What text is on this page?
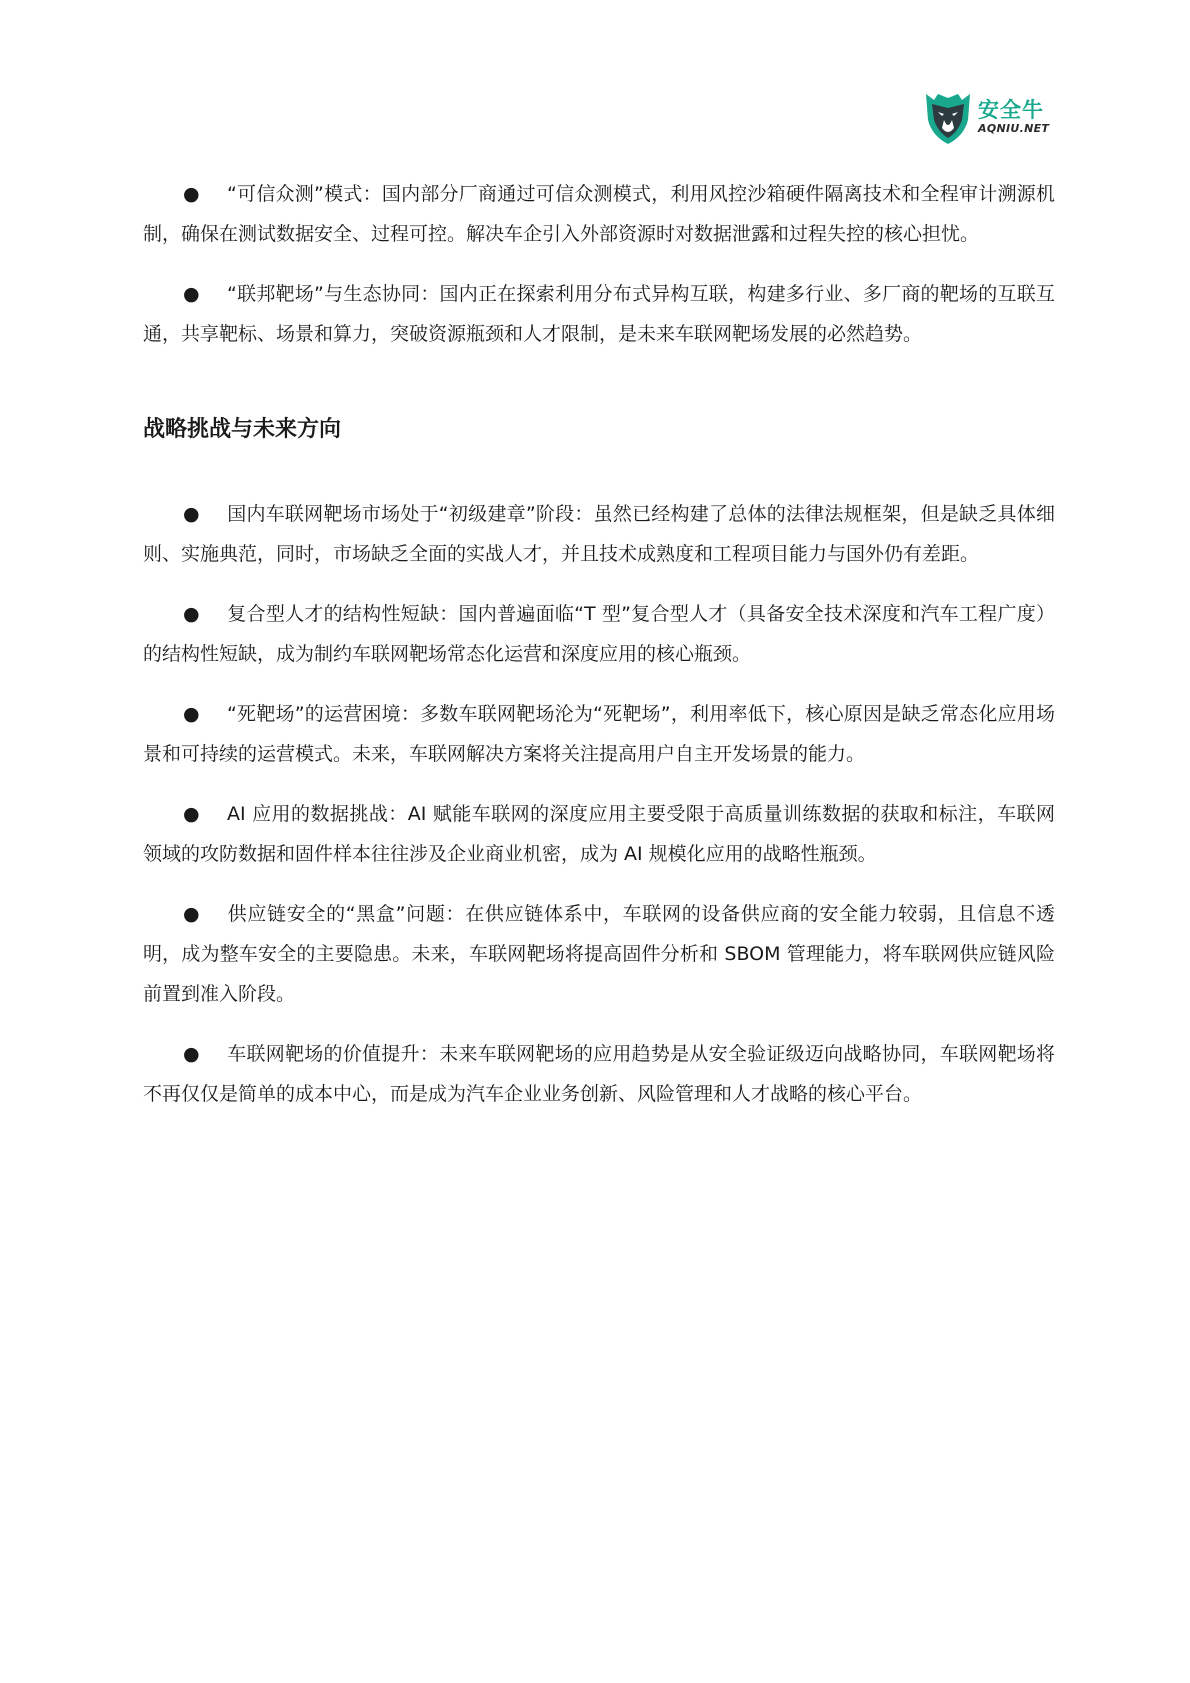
安全牛
AQNIU.NET

● “可信众测”模式：国内部分厂商通过可信众测模式，利用风控沙箱硬件隔离技术和全程审计溯源机制，确保在测试数据安全、过程可控。解决车企引入外部资源时对数据泄露和过程失控的核心担忧。

● “联邦靶场”与生态协同：国内正在探索利用分布式异构互联，构建多行业、多厂商的靶场的互联互通，共享靶标、场景和算力，突破资源瓶颈和人才限制，是未来车联网靶场发展的必然趋势。

战略挑战与未来方向

● 国内车联网靶场市场处于“初级建章”阶段：虽然已经构建了总体的法律法规框架，但是缺乏具体细则、实施典范，同时，市场缺乏全面的实战人才，并且技术成熟度和工程项目能力与国外仍有差距。

● 复合型人才的结构性短缺：国内普遍面临“T 型”复合型人才（具备安全技术深度和汽车工程广度）的结构性短缺，成为制约车联网靶场常态化运营和深度应用的核心瓶颈。

● “死靶场”的运营困境：多数车联网靶场沦为“死靶场”，利用率低下，核心原因是缺乏常态化应用场景和可持续的运营模式。未来，车联网解决方案将关注提高用户自主开发场景的能力。

● AI 应用的数据挑战：AI 赋能车联网的深度应用主要受限于高质量训练数据的获取和标注，车联网领域的攻防数据和固件样本往往涉及企业商业机密，成为 AI 规模化应用的战略性瓶颈。

● 供应链安全的“黑盒”问题：在供应链体系中，车联网的设备供应商的安全能力较弱，且信息不透明，成为整车安全的主要隐患。未来，车联网靶场将提高固件分析和 SBOM 管理能力，将车联网供应链风险前置到准入阶段。

● 车联网靶场的价值提升：未来车联网靶场的应用趋势是从安全验证级迈向战略协同，车联网靶场将不再仅仅是简单的成本中心，而是成为汽车企业业务创新、风险管理和人才战略的核心平台。
